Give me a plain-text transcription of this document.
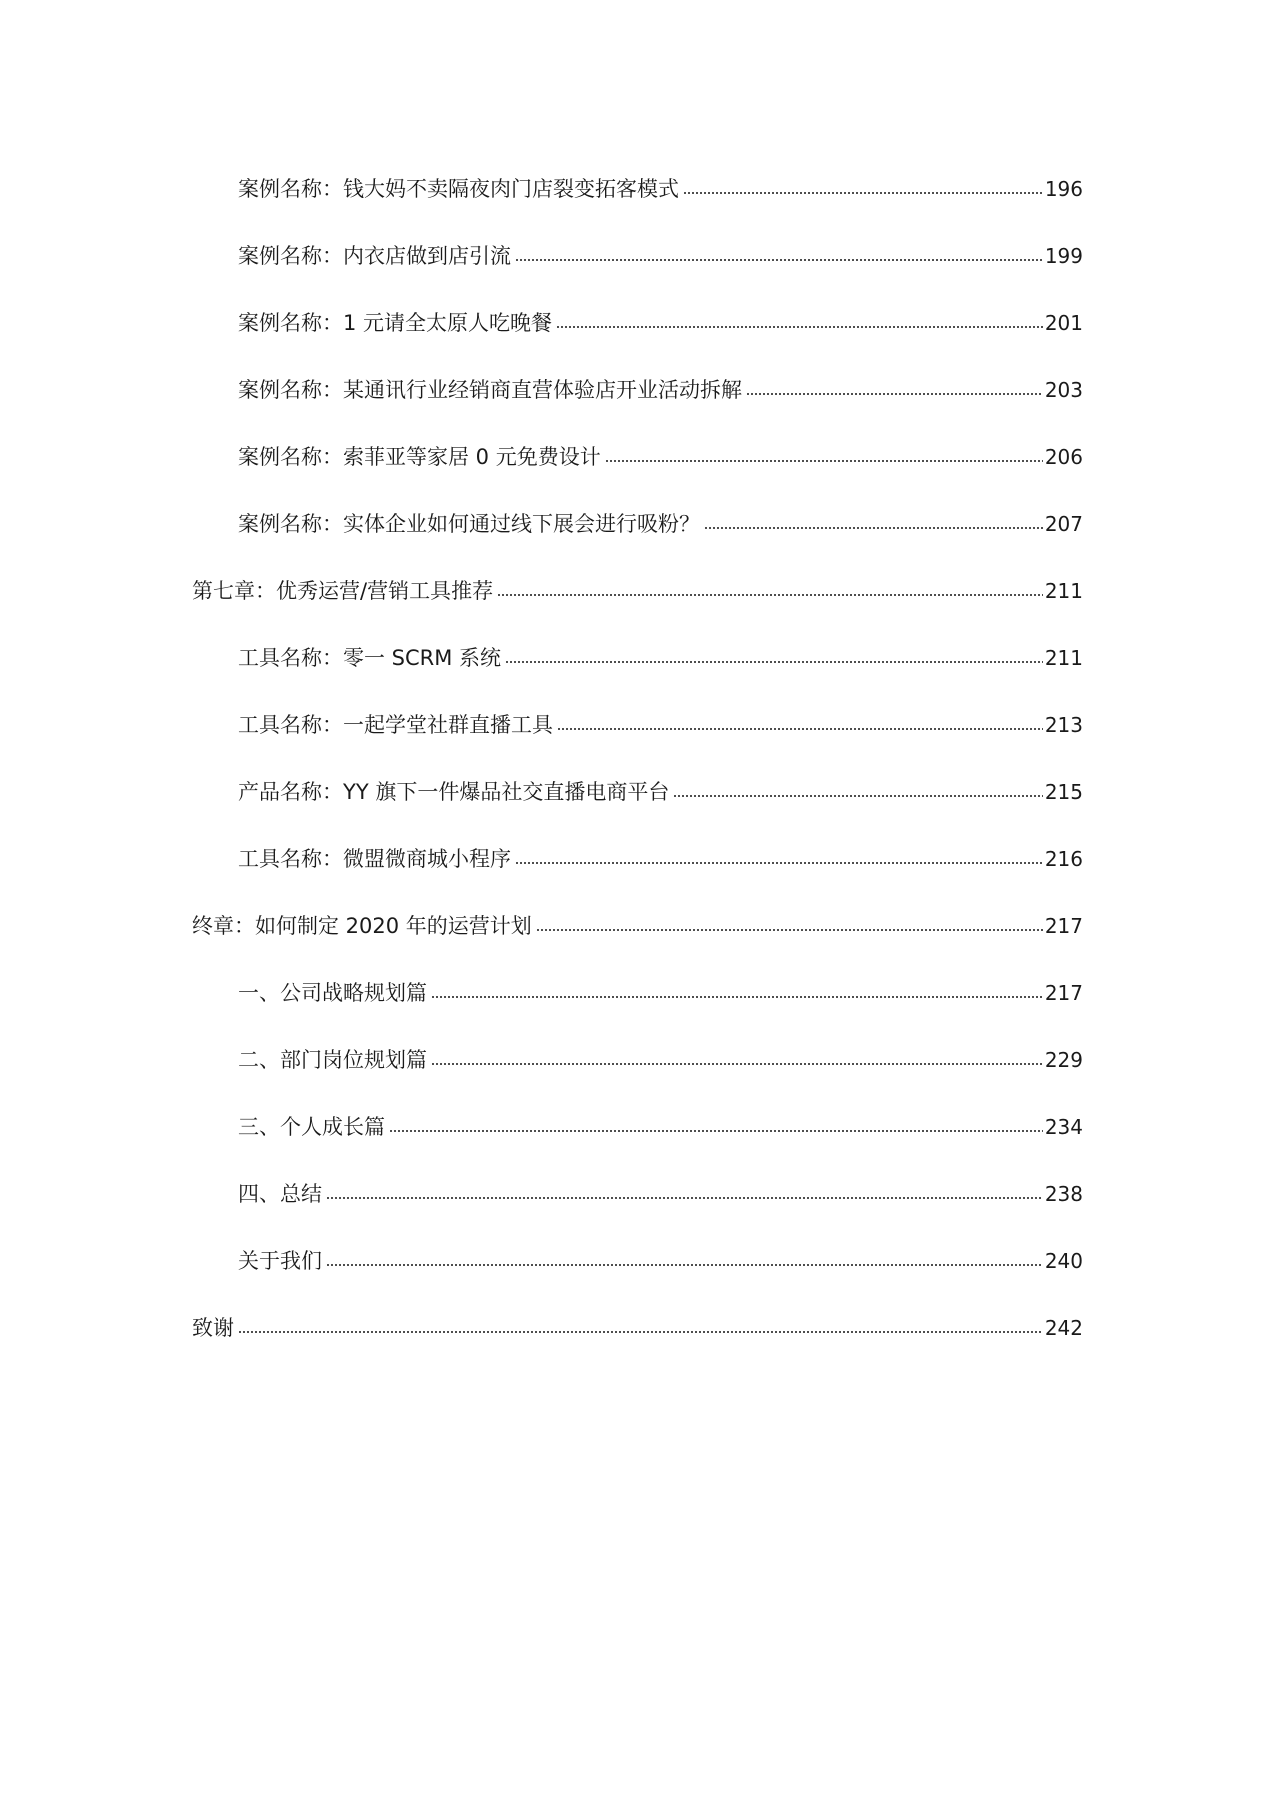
案例名称：钱大妈不卖隔夜肉门店裂变拓客模式	196
案例名称：内衣店做到店引流	199
案例名称：1 元请全太原人吃晚餐	201
案例名称：某通讯行业经销商直营体验店开业活动拆解	203
案例名称：索菲亚等家居 0 元免费设计	206
案例名称：实体企业如何通过线下展会进行吸粉？	207
第七章：优秀运营/营销工具推荐	211
工具名称：零一 SCRM 系统	211
工具名称：一起学堂社群直播工具	213
产品名称：YY 旗下一件爆品社交直播电商平台	215
工具名称：微盟微商城小程序	216
终章：如何制定 2020 年的运营计划	217
一、公司战略规划篇	217
二、部门岗位规划篇	229
三、个人成长篇	234
四、总结	238
关于我们	240
致谢	242
